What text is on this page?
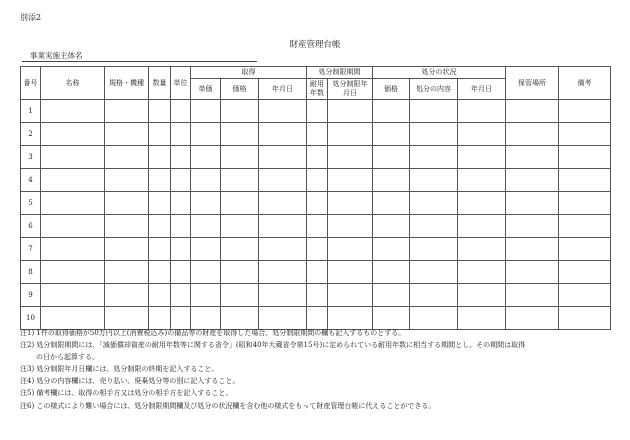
別添2
財産管理台帳
事業実施主体名
番号	名称	規格・機種	数量	単位	取得			処分制限期間		処分の状況			保管場所	備考
					単価	価格	年月日	耐用年数	処分制限年月日	価格	処分の内容	年月日		
1														
2														
3														
4														
5														
6														
7														
8														
9														
10														
注1) 1件の取得価格が50万円以上(消費税込み)の備品等の財産を取得した場合、処分制限期間の欄も記入するものとする。
注2) 処分制限期間には、「減価償却資産の耐用年数等に関する省令」(昭和40年大蔵省令第15号)に定められている耐用年数に相当する期間とし、その期間は取得
の日から起算する。
注3) 処分制限年月日欄には、処分制限の終期を記入すること。
注4) 処分の内容欄には、売り払い、廃棄処分等の別に記入すること。
注5) 備考欄には、取得の相手方又は処分の相手方を記入すること。
注6) この様式により難い場合には、処分制限期間欄及び処分の状況欄を含む他の様式をもって財産管理台帳に代えることができる。
